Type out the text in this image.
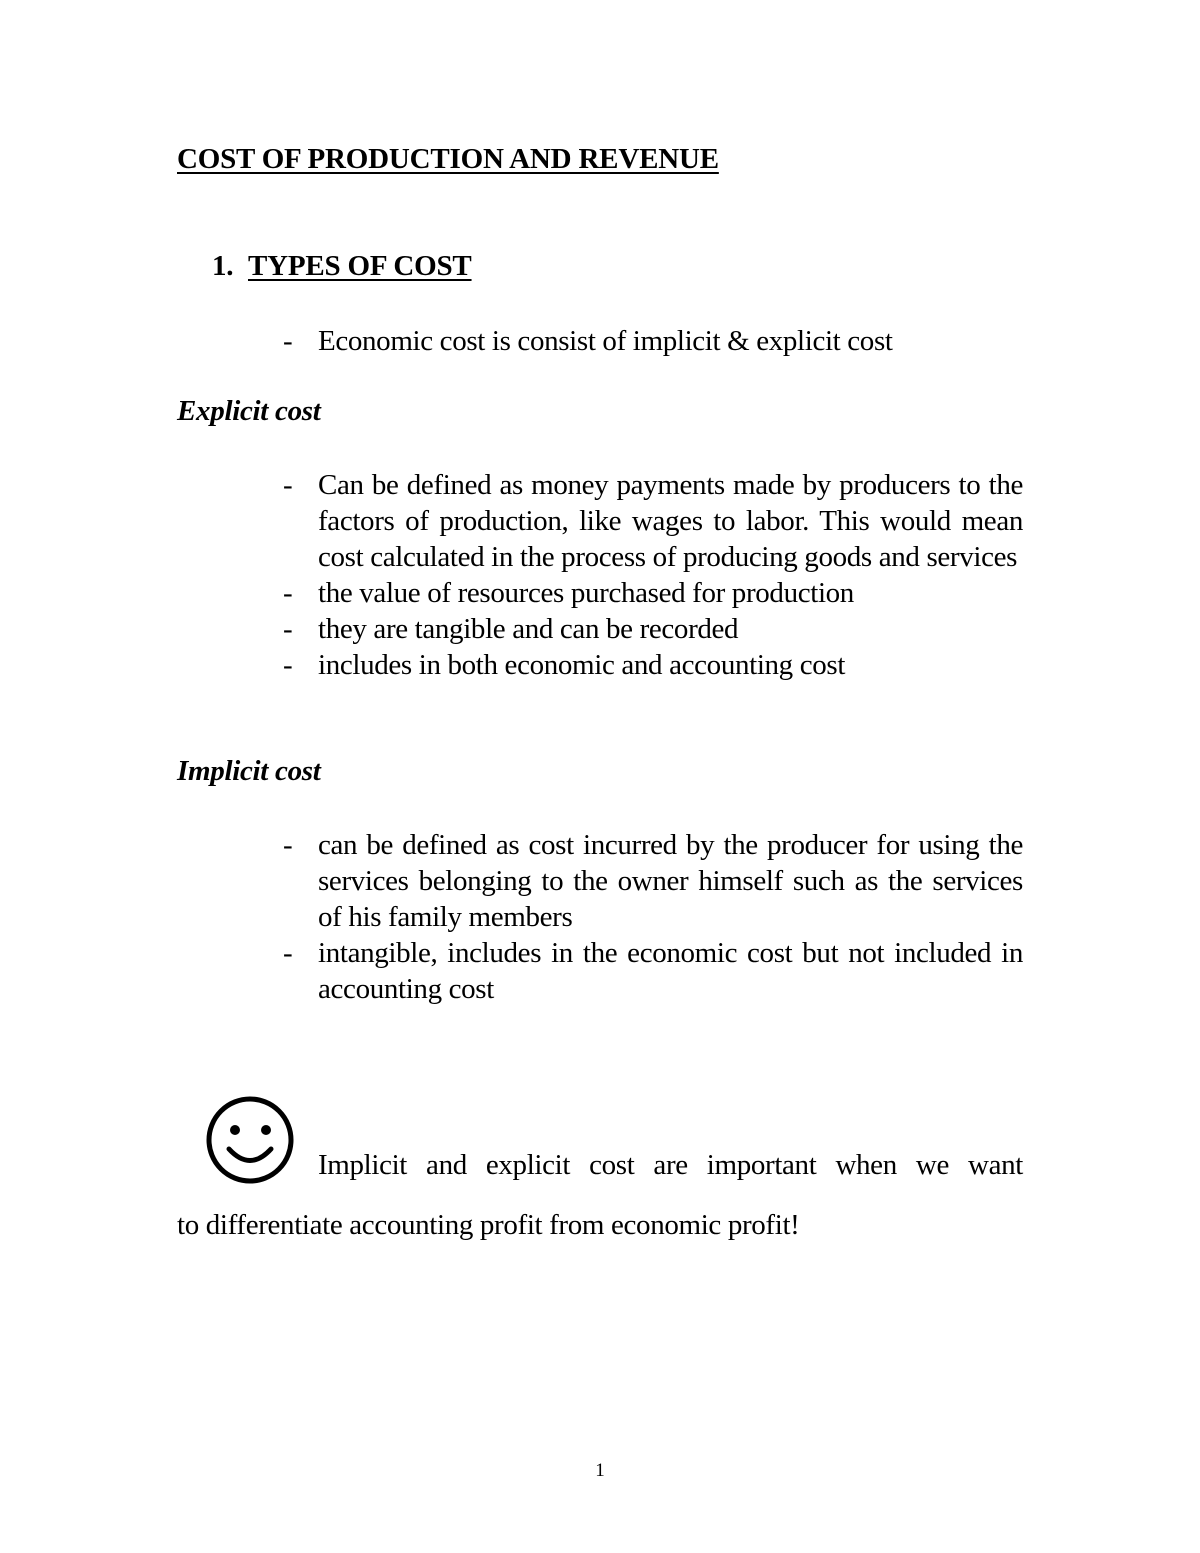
COST OF PRODUCTION AND REVENUE
1. TYPES OF COST
- Economic cost is consist of implicit & explicit cost
Explicit cost
- Can be defined as money payments made by producers to the factors of production, like wages to labor. This would mean cost calculated in the process of producing goods and services
- the value of resources purchased for production
- they are tangible and can be recorded
- includes in both economic and accounting cost
Implicit cost
- can be defined as cost incurred by the producer for using the services belonging to the owner himself such as the services of his family members
- intangible, includes in the economic cost but not included in accounting cost
Implicit and explicit cost are important when we want
to differentiate accounting profit from economic profit!
1
